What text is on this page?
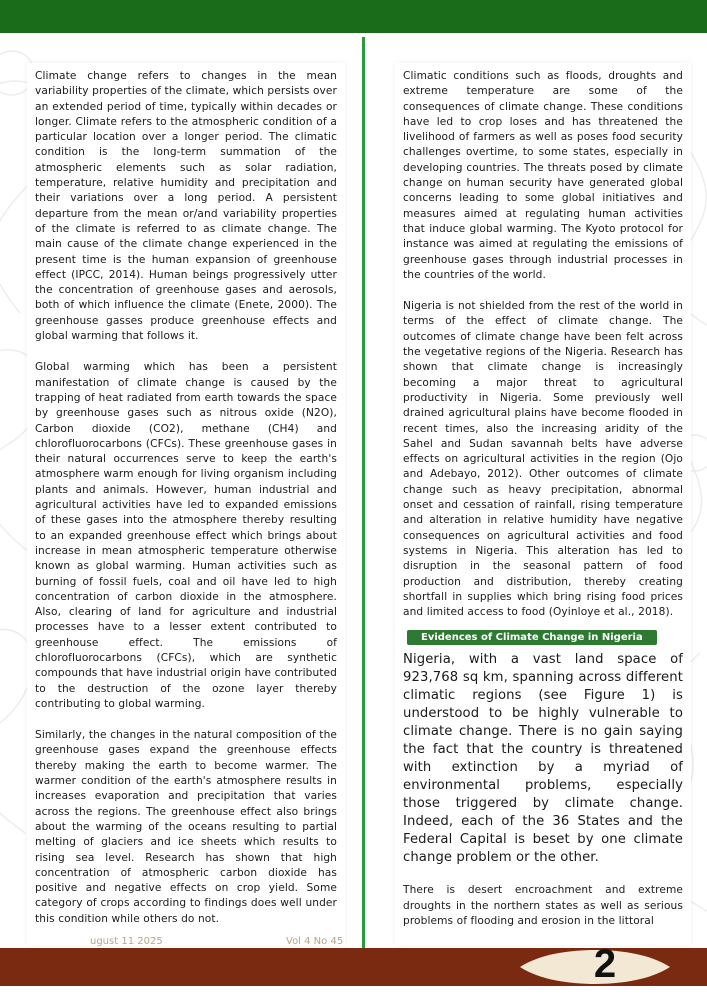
Climate change refers to changes in the mean variability properties of the climate, which persists over an extended period of time, typically within decades or longer. Climate refers to the atmospheric condition of a particular location over a longer period. The climatic condition is the long-term summation of the atmospheric elements such as solar radiation, temperature, relative humidity and precipitation and their variations over a long period. A persistent departure from the mean or/and variability properties of the climate is referred to as climate change. The main cause of the climate change experienced in the present time is the human expansion of greenhouse effect (IPCC, 2014). Human beings progressively utter the concentration of greenhouse gases and aerosols, both of which influence the climate (Enete, 2000). The greenhouse gasses produce greenhouse effects and global warming that follows it.

Global warming which has been a persistent manifestation of climate change is caused by the trapping of heat radiated from earth towards the space by greenhouse gases such as nitrous oxide (N2O), Carbon dioxide (CO2), methane (CH4) and chlorofluorocarbons (CFCs). These greenhouse gases in their natural occurrences serve to keep the earth's atmosphere warm enough for living organism including plants and animals. However, human industrial and agricultural activities have led to expanded emissions of these gases into the atmosphere thereby resulting to an expanded greenhouse effect which brings about increase in mean atmospheric temperature otherwise known as global warming. Human activities such as burning of fossil fuels, coal and oil have led to high concentration of carbon dioxide in the atmosphere. Also, clearing of land for agriculture and industrial processes have to a lesser extent contributed to greenhouse effect. The emissions of chlorofluorocarbons (CFCs), which are synthetic compounds that have industrial origin have contributed to the destruction of the ozone layer thereby contributing to global warming.

Similarly, the changes in the natural composition of the greenhouse gases expand the greenhouse effects thereby making the earth to become warmer. The warmer condition of the earth's atmosphere results in increases evaporation and precipitation that varies across the regions. The greenhouse effect also brings about the warming of the oceans resulting to partial melting of glaciers and ice sheets which results to rising sea level. Research has shown that high concentration of atmospheric carbon dioxide has positive and negative effects on crop yield. Some category of crops according to findings does well under this condition while others do not.

Climatic conditions such as floods, droughts and extreme temperature are some of the consequences of climate change. These conditions have led to crop loses and has threatened the livelihood of farmers as well as poses food security challenges overtime, to some states, especially in developing countries. The threats posed by climate change on human security have generated global concerns leading to some global initiatives and measures aimed at regulating human activities that induce global warming. The Kyoto protocol for instance was aimed at regulating the emissions of greenhouse gases through industrial processes in the countries of the world.

Nigeria is not shielded from the rest of the world in terms of the effect of climate change. The outcomes of climate change have been felt across the vegetative regions of the Nigeria. Research has shown that climate change is increasingly becoming a major threat to agricultural productivity in Nigeria. Some previously well drained agricultural plains have become flooded in recent times, also the increasing aridity of the Sahel and Sudan savannah belts have adverse effects on agricultural activities in the region (Ojo and Adebayo, 2012). Other outcomes of climate change such as heavy precipitation, abnormal onset and cessation of rainfall, rising temperature and alteration in relative humidity have negative consequences on agricultural activities and food systems in Nigeria. This alteration has led to disruption in the seasonal pattern of food production and distribution, thereby creating shortfall in supplies which bring rising food prices and limited access to food (Oyinloye et al., 2018).

Evidences of Climate Change in Nigeria

Nigeria, with a vast land space of 923,768 sq km, spanning across different climatic regions (see Figure 1) is understood to be highly vulnerable to climate change. There is no gain saying the fact that the country is threatened with extinction by a myriad of environmental problems, especially those triggered by climate change. Indeed, each of the 36 States and the Federal Capital is beset by one climate change problem or the other.

There is desert encroachment and extreme droughts in the northern states as well as serious problems of flooding and erosion in the littoral

ugust 11 2025	Vol 4 No 45
2
